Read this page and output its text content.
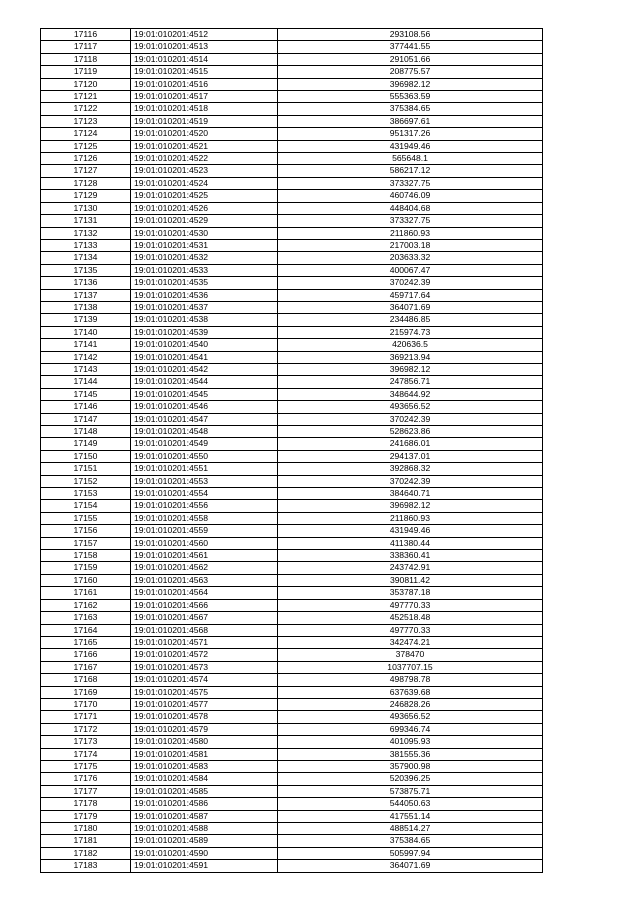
17116	19:01:010201:4512	293108.56
17117	19:01:010201:4513	377441.55
17118	19:01:010201:4514	291051.66
17119	19:01:010201:4515	208775.57
17120	19:01:010201:4516	396982.12
17121	19:01:010201:4517	555363.59
17122	19:01:010201:4518	375384.65
17123	19:01:010201:4519	386697.61
17124	19:01:010201:4520	951317.26
17125	19:01:010201:4521	431949.46
17126	19:01:010201:4522	565648.1
17127	19:01:010201:4523	586217.12
17128	19:01:010201:4524	373327.75
17129	19:01:010201:4525	460746.09
17130	19:01:010201:4526	448404.68
17131	19:01:010201:4529	373327.75
17132	19:01:010201:4530	211860.93
17133	19:01:010201:4531	217003.18
17134	19:01:010201:4532	203633.32
17135	19:01:010201:4533	400067.47
17136	19:01:010201:4535	370242.39
17137	19:01:010201:4536	459717.64
17138	19:01:010201:4537	364071.69
17139	19:01:010201:4538	234486.85
17140	19:01:010201:4539	215974.73
17141	19:01:010201:4540	420636.5
17142	19:01:010201:4541	369213.94
17143	19:01:010201:4542	396982.12
17144	19:01:010201:4544	247856.71
17145	19:01:010201:4545	348644.92
17146	19:01:010201:4546	493656.52
17147	19:01:010201:4547	370242.39
17148	19:01:010201:4548	528623.86
17149	19:01:010201:4549	241686.01
17150	19:01:010201:4550	294137.01
17151	19:01:010201:4551	392868.32
17152	19:01:010201:4553	370242.39
17153	19:01:010201:4554	384640.71
17154	19:01:010201:4556	396982.12
17155	19:01:010201:4558	211860.93
17156	19:01:010201:4559	431949.46
17157	19:01:010201:4560	411380.44
17158	19:01:010201:4561	338360.41
17159	19:01:010201:4562	243742.91
17160	19:01:010201:4563	390811.42
17161	19:01:010201:4564	353787.18
17162	19:01:010201:4566	497770.33
17163	19:01:010201:4567	452518.48
17164	19:01:010201:4568	497770.33
17165	19:01:010201:4571	342474.21
17166	19:01:010201:4572	378470
17167	19:01:010201:4573	1037707.15
17168	19:01:010201:4574	498798.78
17169	19:01:010201:4575	637639.68
17170	19:01:010201:4577	246828.26
17171	19:01:010201:4578	493656.52
17172	19:01:010201:4579	699346.74
17173	19:01:010201:4580	401095.93
17174	19:01:010201:4581	381555.36
17175	19:01:010201:4583	357900.98
17176	19:01:010201:4584	520396.25
17177	19:01:010201:4585	573875.71
17178	19:01:010201:4586	544050.63
17179	19:01:010201:4587	417551.14
17180	19:01:010201:4588	488514.27
17181	19:01:010201:4589	375384.65
17182	19:01:010201:4590	505997.94
17183	19:01:010201:4591	364071.69
